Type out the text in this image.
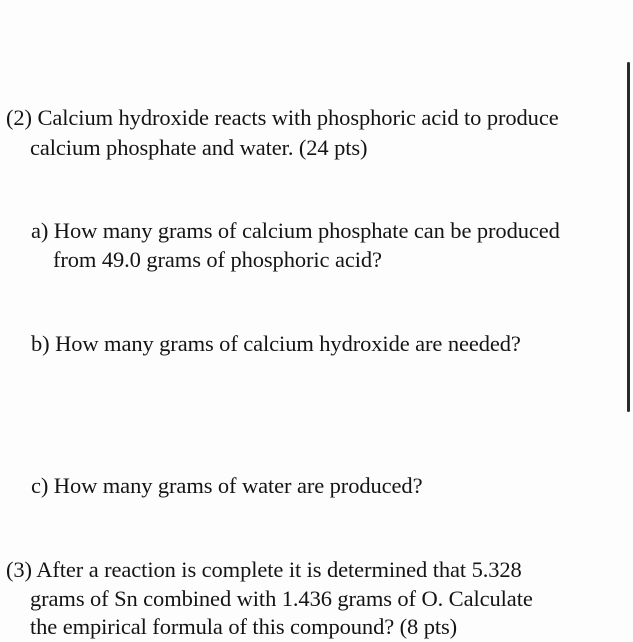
(2) Calcium hydroxide reacts with phosphoric acid to produce
calcium phosphate and water. (24 pts)
a) How many grams of calcium phosphate can be produced
from 49.0 grams of phosphoric acid?
b) How many grams of calcium hydroxide are needed?
c) How many grams of water are produced?
(3) After a reaction is complete it is determined that 5.328
grams of Sn combined with 1.436 grams of O. Calculate
the empirical formula of this compound? (8 pts)
